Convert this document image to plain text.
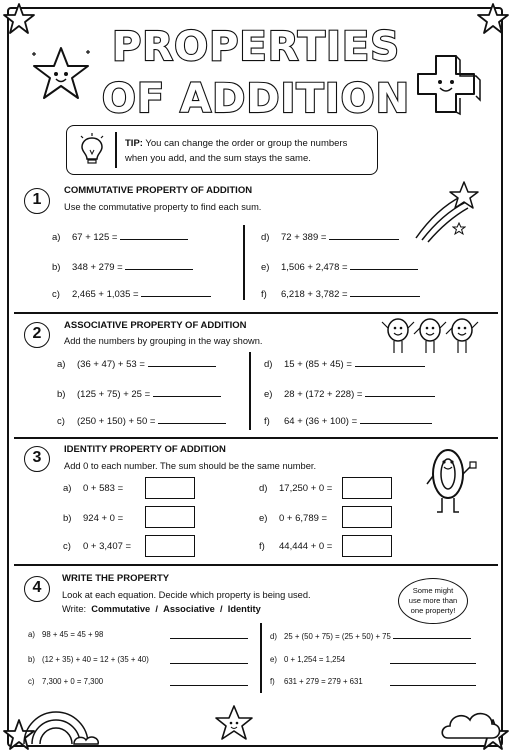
PROPERTIES
OF ADDITION
TIP: You can change the order or group the numbers
when you add, and the sum stays the same.
1
COMMUTATIVE PROPERTY OF ADDITION
Use the commutative property to find each sum.
a) 67 + 125 =
b) 348 + 279 =
c) 2,465 + 1,035 =
d) 72 + 389 =
e) 1,506 + 2,478 =
f) 6,218 + 3,782 =
2	ASSOCIATIVE PROPERTY OF ADDITION
Add the numbers by grouping in the way shown.
a) (36 + 47) + 53 =
b) (125 + 75) + 25 =
c) (250 + 150) + 50 =
d) 15 + (85 + 45) =
e) 28 + (172 + 228) =
f) 64 + (36 + 100) =
3	IDENTITY PROPERTY OF ADDITION
Add 0 to each number. The sum should be the same number.
a) 0 + 583 =
b) 924 + 0 =
c) 0 + 3,407 =
d) 17,250 + 0 =
e) 0 + 6,789 =
f) 44,444 + 0 =
4
WRITE THE PROPERTY
Look at each equation. Decide which property is being used.
Write: Commutative / Associative / Identity
Some might
use more than
one property!
a) 98 + 45 = 45 + 98
b) (12 + 35) + 40 = 12 + (35 + 40)
c) 7,300 + 0 = 7,300
d) 25 + (50 + 75) = (25 + 50) + 75
e) 0 + 1,254 = 1,254
f) 631 + 279 = 279 + 631
